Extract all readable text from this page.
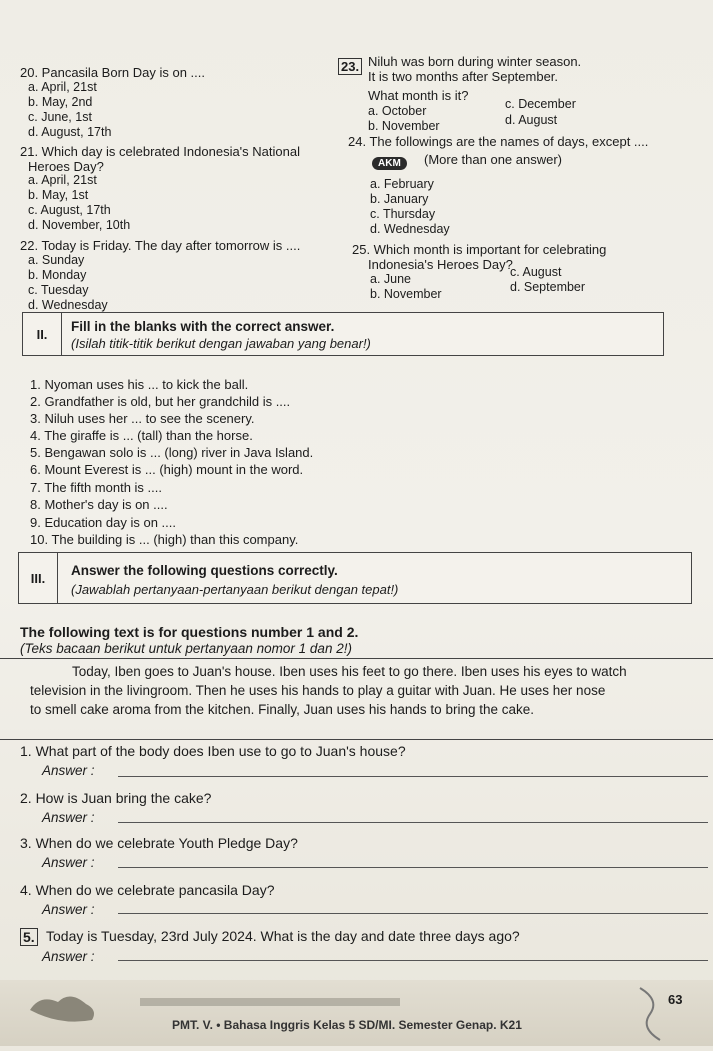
20. Pancasila Born Day is on ....
a. April, 21st
b. May, 2nd
c. June, 1st
d. August, 17th
21. Which day is celebrated Indonesia's National
Heroes Day?
a. April, 21st
b. May, 1st
c. August, 17th
d. November, 10th
22. Today is Friday. The day after tomorrow is ....
a. Sunday
b. Monday
c. Tuesday
d. Wednesday
23. Niluh was born during winter season.
It is two months after September.
What month is it?
a. October
b. November
c. December
d. August
24. The followings are the names of days, except ....
AKM	(More than one answer)
a. February
b. January
c. Thursday
d. Wednesday
25. Which month is important for celebrating
Indonesia's Heroes Day?
a. June
b. November
c. August
d. September
II.	Fill in the blanks with the correct answer.
(Isilah titik-titik berikut dengan jawaban yang benar!)
1. Nyoman uses his ... to kick the ball.
2. Grandfather is old, but her grandchild is ....
3. Niluh uses her ... to see the scenery.
4. The giraffe is ... (tall) than the horse.
5. Bengawan solo is ... (long) river in Java Island.
6. Mount Everest is ... (high) mount in the word.
7. The fifth month is ....
8. Mother's day is on ....
9. Education day is on ....
10. The building is ... (high) than this company.
III.	Answer the following questions correctly.
(Jawablah pertanyaan-pertanyaan berikut dengan tepat!)
The following text is for questions number 1 and 2.
(Teks bacaan berikut untuk pertanyaan nomor 1 dan 2!)
Today, Iben goes to Juan's house. Iben uses his feet to go there. Iben uses his eyes to watch
television in the livingroom. Then he uses his hands to play a guitar with Juan. He uses her nose
to smell cake aroma from the kitchen. Finally, Juan uses his hands to bring the cake.
1. What part of the body does Iben use to go to Juan's house?
Answer :
2. How is Juan bring the cake?
Answer :
3. When do we celebrate Youth Pledge Day?
Answer :
4. When do we celebrate pancasila Day?
Answer :
5. Today is Tuesday, 23rd July 2024. What is the day and date three days ago?
Answer :
63
PMT. V. • Bahasa Inggris Kelas 5 SD/MI. Semester Genap. K21
